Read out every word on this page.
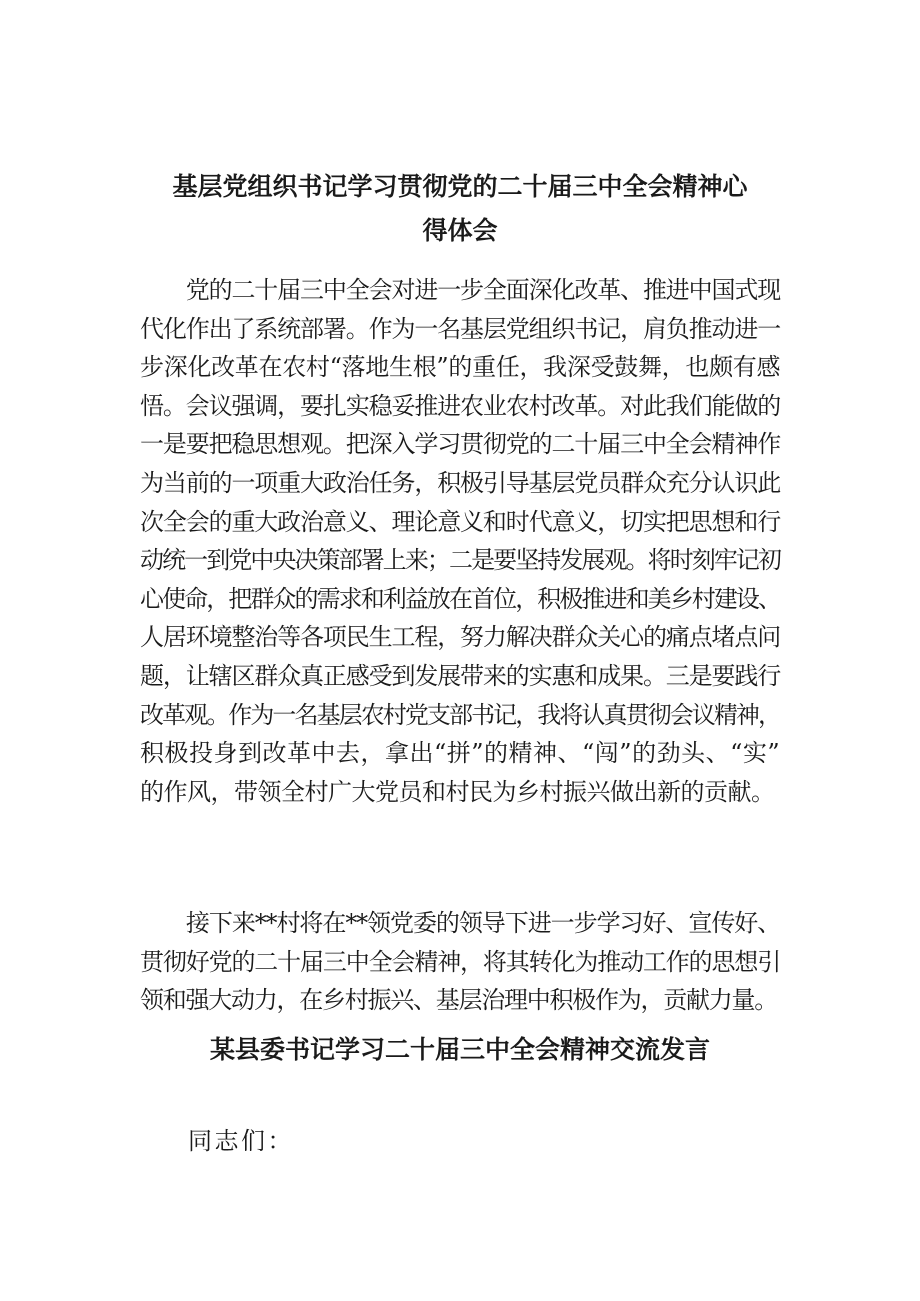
基层党组织书记学习贯彻党的二十届三中全会精神心
得体会

　　党的二十届三中全会对进一步全面深化改革、推进中国式现
代化作出了系统部署。作为一名基层党组织书记，肩负推动进一
步深化改革在农村“落地生根”的重任，我深受鼓舞，也颇有感
悟。会议强调，要扎实稳妥推进农业农村改革。对此我们能做的
一是要把稳思想观。把深入学习贯彻党的二十届三中全会精神作
为当前的一项重大政治任务，积极引导基层党员群众充分认识此
次全会的重大政治意义、理论意义和时代意义，切实把思想和行
动统一到党中央决策部署上来；二是要坚持发展观。将时刻牢记初
心使命，把群众的需求和利益放在首位，积极推进和美乡村建设、
人居环境整治等各项民生工程，努力解决群众关心的痛点堵点问
题，让辖区群众真正感受到发展带来的实惠和成果。三是要践行
改革观。作为一名基层农村党支部书记，我将认真贯彻会议精神，
积极投身到改革中去，拿出“拼”的精神、“闯”的劲头、“实”
的作风，带领全村广大党员和村民为乡村振兴做出新的贡献。

　　接下来**村将在**领党委的领导下进一步学习好、宣传好、
贯彻好党的二十届三中全会精神，将其转化为推动工作的思想引
领和强大动力，在乡村振兴、基层治理中积极作为，贡献力量。

某县委书记学习二十届三中全会精神交流发言

同志们：
